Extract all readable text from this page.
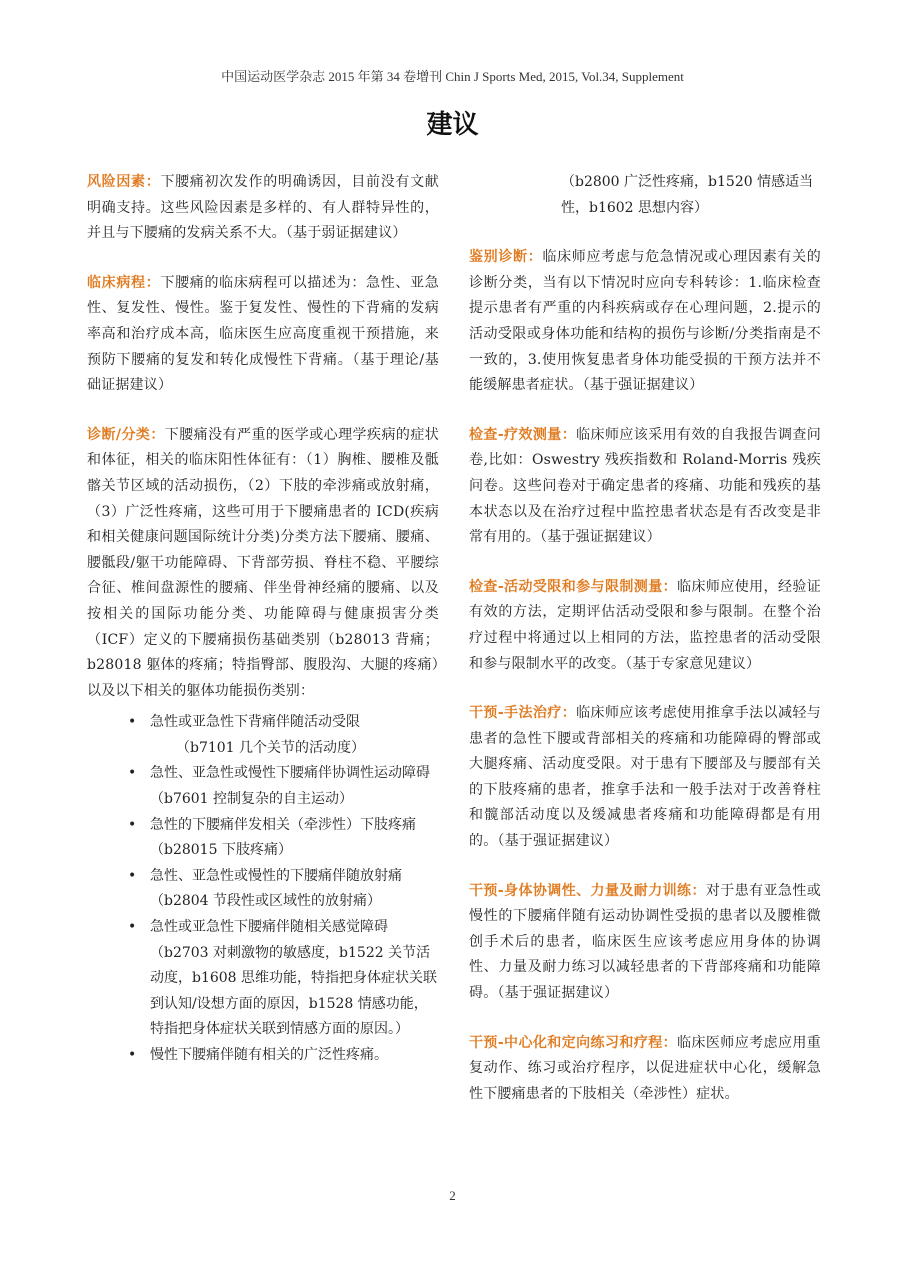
中国运动医学杂志 2015 年第 34 卷增刊 Chin J Sports Med, 2015, Vol.34, Supplement
建议

风险因素：下腰痛初次发作的明确诱因，目前没有文献明确支持。这些风险因素是多样的、有人群特异性的，并且与下腰痛的发病关系不大。（基于弱证据建议）

临床病程：下腰痛的临床病程可以描述为：急性、亚急性、复发性、慢性。鉴于复发性、慢性的下背痛的发病率高和治疗成本高，临床医生应高度重视干预措施，来预防下腰痛的复发和转化成慢性下背痛。（基于理论/基础证据建议）

诊断/分类：下腰痛没有严重的医学或心理学疾病的症状和体征，相关的临床阳性体征有：（1）胸椎、腰椎及骶髂关节区域的活动损伤，（2）下肢的牵涉痛或放射痛，（3）广泛性疼痛，这些可用于下腰痛患者的 ICD(疾病和相关健康问题国际统计分类)分类方法下腰痛、腰痛、腰骶段/躯干功能障碍、下背部劳损、脊柱不稳、平腰综合征、椎间盘源性的腰痛、伴坐骨神经痛的腰痛、以及按相关的国际功能分类、功能障碍与健康损害分类（ICF）定义的下腰痛损伤基础类别（b28013 背痛；b28018 躯体的疼痛；特指臀部、腹股沟、大腿的疼痛）以及以下相关的躯体功能损伤类别：

• 急性或亚急性下背痛伴随活动受限
（b7101 几个关节的活动度）
• 急性、亚急性或慢性下腰痛伴协调性运动障碍（b7601 控制复杂的自主运动）
• 急性的下腰痛伴发相关（牵涉性）下肢疼痛（b28015 下肢疼痛）
• 急性、亚急性或慢性的下腰痛伴随放射痛（b2804 节段性或区域性的放射痛）
• 急性或亚急性下腰痛伴随相关感觉障碍（b2703 对刺激物的敏感度，b1522 关节活动度，b1608 思维功能，特指把身体症状关联到认知/设想方面的原因，b1528 情感功能，特指把身体症状关联到情感方面的原因。）
• 慢性下腰痛伴随有相关的广泛性疼痛。
（b2800 广泛性疼痛，b1520 情感适当性，b1602 思想内容）

鉴别诊断：临床师应考虑与危急情况或心理因素有关的诊断分类，当有以下情况时应向专科转诊：1.临床检查提示患者有严重的内科疾病或存在心理问题，2.提示的活动受限或身体功能和结构的损伤与诊断/分类指南是不一致的，3.使用恢复患者身体功能受损的干预方法并不能缓解患者症状。（基于强证据建议）

检查-疗效测量：临床师应该采用有效的自我报告调查问卷,比如：Oswestry 残疾指数和 Roland-Morris 残疾问卷。这些问卷对于确定患者的疼痛、功能和残疾的基本状态以及在治疗过程中监控患者状态是有否改变是非常有用的。（基于强证据建议）

检查-活动受限和参与限制测量：临床师应使用，经验证有效的方法，定期评估活动受限和参与限制。在整个治疗过程中将通过以上相同的方法，监控患者的活动受限和参与限制水平的改变。（基于专家意见建议）

干预-手法治疗：临床师应该考虑使用推拿手法以减轻与患者的急性下腰或背部相关的疼痛和功能障碍的臀部或大腿疼痛、活动度受限。对于患有下腰部及与腰部有关的下肢疼痛的患者，推拿手法和一般手法对于改善脊柱和髋部活动度以及缓减患者疼痛和功能障碍都是有用的。（基于强证据建议）

干预-身体协调性、力量及耐力训练：对于患有亚急性或慢性的下腰痛伴随有运动协调性受损的患者以及腰椎微创手术后的患者，临床医生应该考虑应用身体的协调性、力量及耐力练习以减轻患者的下背部疼痛和功能障碍。（基于强证据建议）

干预-中心化和定向练习和疗程：临床医师应考虑应用重复动作、练习或治疗程序，以促进症状中心化，缓解急性下腰痛患者的下肢相关（牵涉性）症状。

2
